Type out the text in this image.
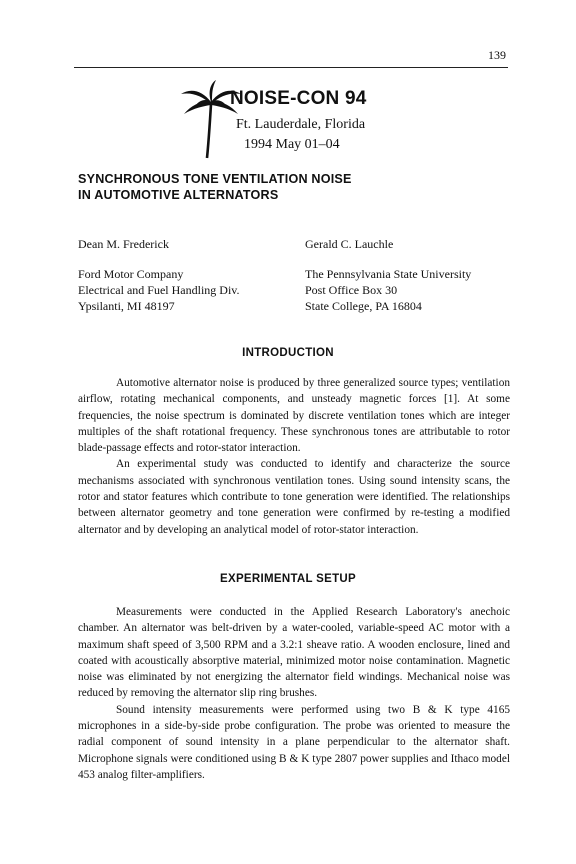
139
NOISE-CON 94
Ft. Lauderdale, Florida
1994 May 01–04
SYNCHRONOUS TONE VENTILATION NOISE
IN AUTOMOTIVE ALTERNATORS
Dean M. Frederick
Ford Motor Company
Electrical and Fuel Handling Div.
Ypsilanti, MI 48197
Gerald C. Lauchle
The Pennsylvania State University
Post Office Box 30
State College, PA 16804
INTRODUCTION

Automotive alternator noise is produced by three generalized source types; ventilation airflow, rotating mechanical components, and unsteady magnetic forces [1]. At some frequencies, the noise spectrum is dominated by discrete ventilation tones which are integer multiples of the shaft rotational frequency. These synchronous tones are attributable to rotor blade-passage effects and rotor-stator interaction.

An experimental study was conducted to identify and characterize the source mechanisms associated with synchronous ventilation tones. Using sound intensity scans, the rotor and stator features which contribute to tone generation were identified. The relationships between alternator geometry and tone generation were confirmed by re-testing a modified alternator and by developing an analytical model of rotor-stator interaction.

EXPERIMENTAL SETUP

Measurements were conducted in the Applied Research Laboratory's anechoic chamber. An alternator was belt-driven by a water-cooled, variable-speed AC motor with a maximum shaft speed of 3,500 RPM and a 3.2:1 sheave ratio. A wooden enclosure, lined and coated with acoustically absorptive material, minimized motor noise contamination. Magnetic noise was eliminated by not energizing the alternator field windings. Mechanical noise was reduced by removing the alternator slip ring brushes.

Sound intensity measurements were performed using two B & K type 4165 microphones in a side-by-side probe configuration. The probe was oriented to measure the radial component of sound intensity in a plane perpendicular to the alternator shaft. Microphone signals were conditioned using B & K type 2807 power supplies and Ithaco model 453 analog filter-amplifiers.
